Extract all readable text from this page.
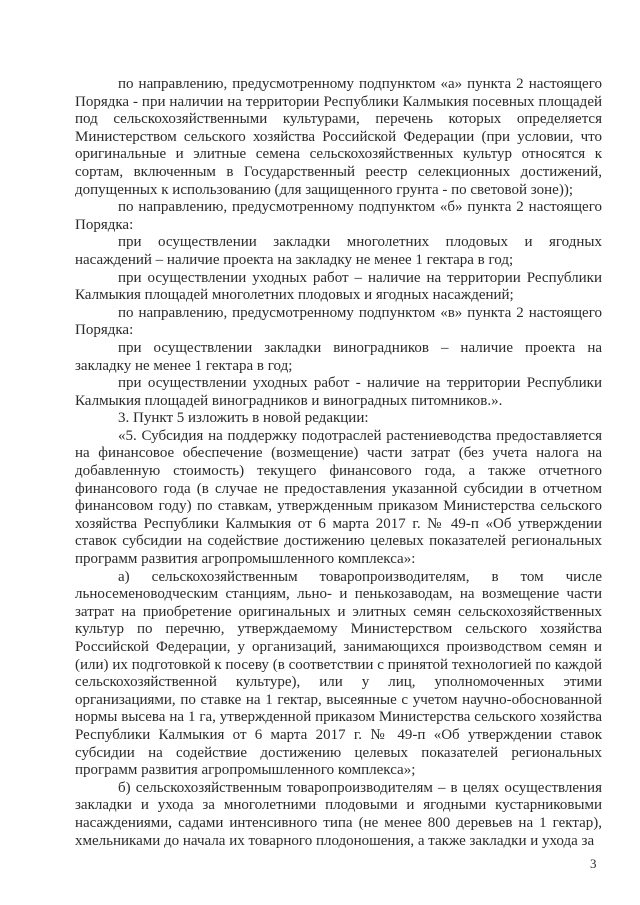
по направлению, предусмотренному подпунктом «а» пункта 2 настоящего Порядка - при наличии на территории Республики Калмыкия посевных площадей под сельскохозяйственными культурами, перечень которых определяется Министерством сельского хозяйства Российской Федерации (при условии, что оригинальные и элитные семена сельскохозяйственных культур относятся к сортам, включенным в Государственный реестр селекционных достижений, допущенных к использованию (для защищенного грунта - по световой зоне));

по направлению, предусмотренному подпунктом «б» пункта 2 настоящего Порядка:

при осуществлении закладки многолетних плодовых и ягодных насаждений – наличие проекта на закладку не менее 1 гектара в год;

при осуществлении уходных работ – наличие на территории Республики Калмыкия площадей многолетних плодовых и ягодных насаждений;

по направлению, предусмотренному подпунктом «в» пункта 2 настоящего Порядка:

при осуществлении закладки виноградников – наличие проекта на закладку не менее 1 гектара в год;

при осуществлении уходных работ - наличие на территории Республики Калмыкия площадей виноградников и виноградных питомников.».

3. Пункт 5 изложить в новой редакции:

«5. Субсидия на поддержку подотраслей растениеводства предоставляется на финансовое обеспечение (возмещение) части затрат (без учета налога на добавленную стоимость) текущего финансового года, а также отчетного финансового года (в случае не предоставления указанной субсидии в отчетном финансовом году) по ставкам, утвержденным приказом Министерства сельского хозяйства Республики Калмыкия от 6 марта 2017 г. № 49-п «Об утверждении ставок субсидии на содействие достижению целевых показателей региональных программ развития агропромышленного комплекса»:

а) сельскохозяйственным товаропроизводителям, в том числе льносеменоводческим станциям, льно- и пенькозаводам, на возмещение части затрат на приобретение оригинальных и элитных семян сельскохозяйственных культур по перечню, утверждаемому Министерством сельского хозяйства Российской Федерации, у организаций, занимающихся производством семян и (или) их подготовкой к посеву (в соответствии с принятой технологией по каждой сельскохозяйственной культуре), или у лиц, уполномоченных этими организациями, по ставке на 1 гектар, высеянные с учетом научно-обоснованной нормы высева на 1 га, утвержденной приказом Министерства сельского хозяйства Республики Калмыкия от 6 марта 2017 г. № 49-п «Об утверждении ставок субсидии на содействие достижению целевых показателей региональных программ развития агропромышленного комплекса»;

б) сельскохозяйственным товаропроизводителям – в целях осуществления закладки и ухода за многолетними плодовыми и ягодными кустарниковыми насаждениями, садами интенсивного типа (не менее 800 деревьев на 1 гектар), хмельниками до начала их товарного плодоношения, а также закладки и ухода за

3
